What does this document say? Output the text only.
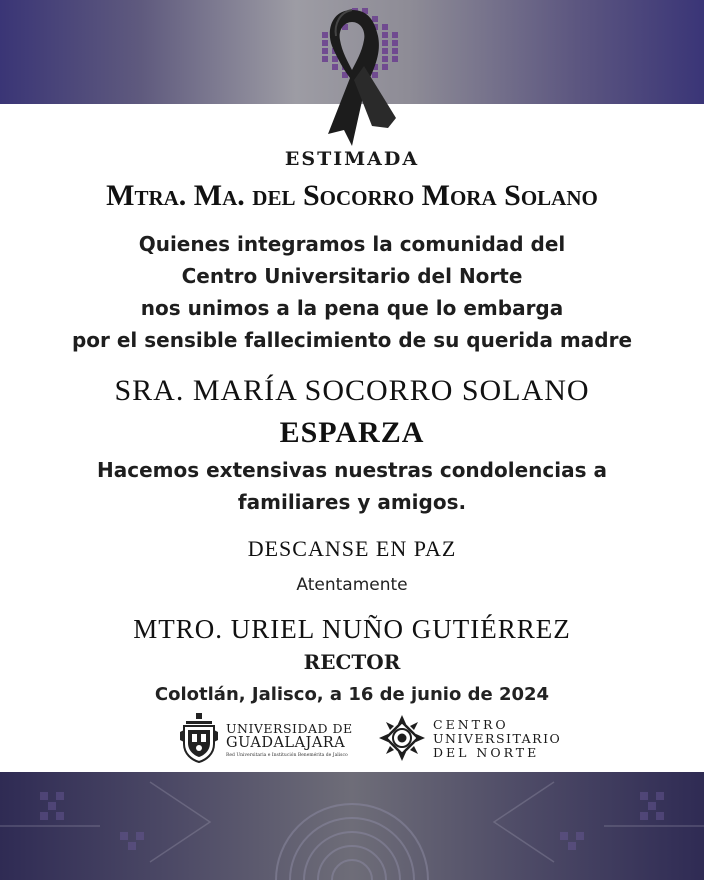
ESTIMADA
Mtra. Ma. del Socorro Mora Solano
Quienes integramos la comunidad del
Centro Universitario del Norte
nos unimos a la pena que lo embarga
por el sensible fallecimiento de su querida madre
SRA. MARÍA SOCORRO SOLANO
ESPARZA
Hacemos extensivas nuestras condolencias a
familiares y amigos.
DESCANSE EN PAZ
Atentamente
MTRO. URIEL NUÑO GUTIÉRREZ
RECTOR
Colotlán, Jalisco, a 16 de junio de 2024
UNIVERSIDAD DE
GUADALAJARA
Red Universitaria e Institución Benemérita de Jalisco
CENTRO
UNIVERSITARIO
DEL NORTE
